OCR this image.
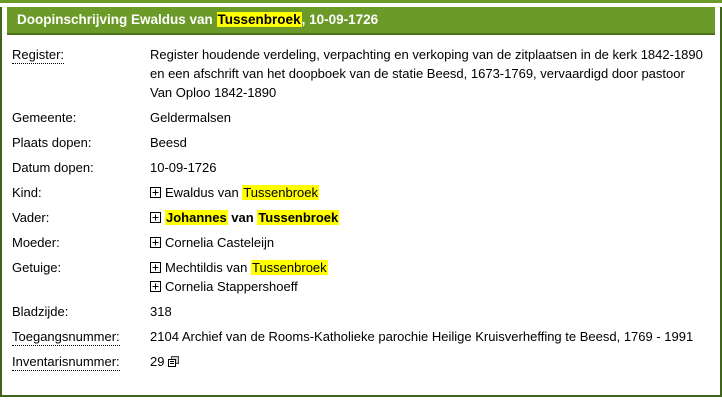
Doopinschrijving Ewaldus van Tussenbroek, 10-09-1726
Register:	Register houdende verdeling, verpachting en verkoping van de zitplaatsen in de kerk 1842-1890 en een afschrift van het doopboek van de statie Beesd, 1673-1769, vervaardigd door pastoor Van Oploo 1842-1890
Gemeente:	Geldermalsen
Plaats dopen:	Beesd
Datum dopen:	10-09-1726
Kind:	Ewaldus van Tussenbroek
Vader:	Johannes van Tussenbroek
Moeder:	Cornelia Casteleijn
Getuige:	Mechtildis van Tussenbroek
Cornelia Stappershoeff
Bladzijde:	318
Toegangsnummer:	2104 Archief van de Rooms-Katholieke parochie Heilige Kruisverheffing te Beesd, 1769 - 1991
Inventarisnummer:	29
